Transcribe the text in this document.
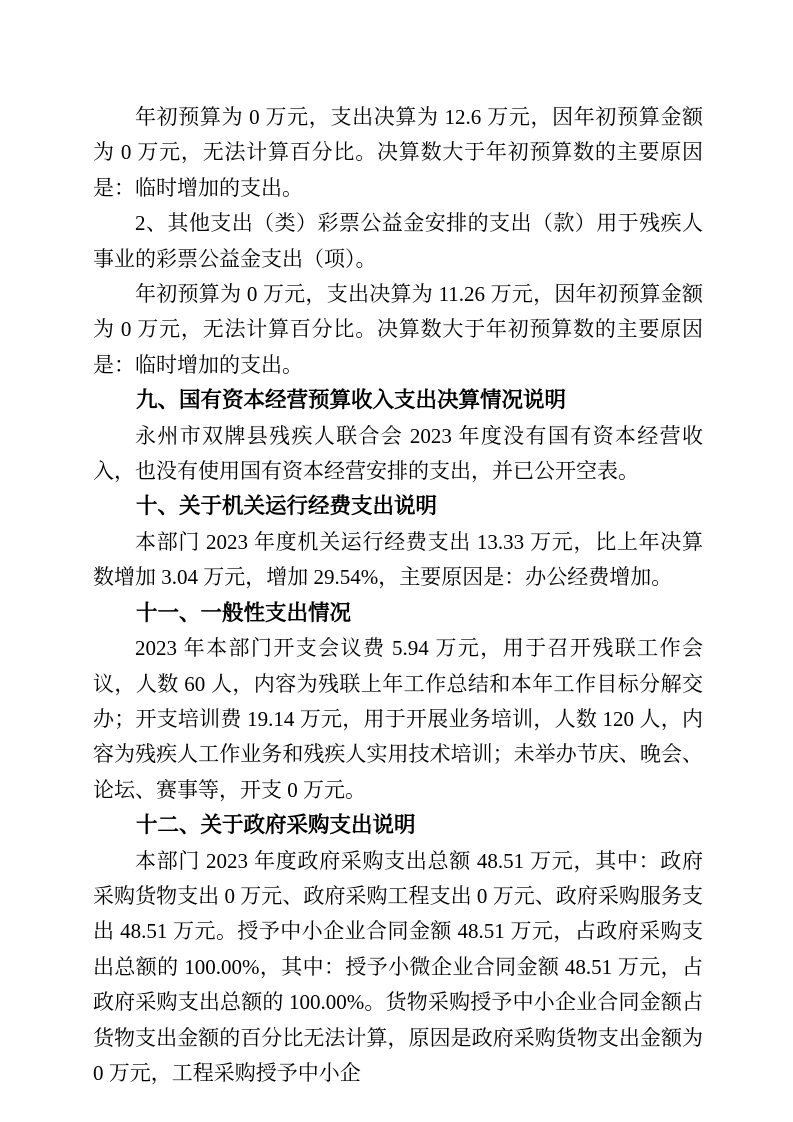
年初预算为 0 万元，支出决算为 12.6 万元，因年初预算金额为 0 万元，无法计算百分比。决算数大于年初预算数的主要原因是：临时增加的支出。

2、其他支出（类）彩票公益金安排的支出（款）用于残疾人事业的彩票公益金支出（项）。

年初预算为 0 万元，支出决算为 11.26 万元，因年初预算金额为 0 万元，无法计算百分比。决算数大于年初预算数的主要原因是：临时增加的支出。

九、国有资本经营预算收入支出决算情况说明

永州市双牌县残疾人联合会 2023 年度没有国有资本经营收入，也没有使用国有资本经营安排的支出，并已公开空表。

十、关于机关运行经费支出说明

本部门 2023 年度机关运行经费支出 13.33 万元，比上年决算数增加 3.04 万元，增加 29.54%，主要原因是：办公经费增加。

十一、一般性支出情况

2023 年本部门开支会议费 5.94 万元，用于召开残联工作会议，人数 60 人，内容为残联上年工作总结和本年工作目标分解交办；开支培训费 19.14 万元，用于开展业务培训，人数 120 人，内容为残疾人工作业务和残疾人实用技术培训；未举办节庆、晚会、论坛、赛事等，开支 0 万元。

十二、关于政府采购支出说明

本部门 2023 年度政府采购支出总额 48.51 万元，其中：政府采购货物支出 0 万元、政府采购工程支出 0 万元、政府采购服务支出 48.51 万元。授予中小企业合同金额 48.51 万元，占政府采购支出总额的 100.00%，其中：授予小微企业合同金额 48.51 万元，占政府采购支出总额的 100.00%。货物采购授予中小企业合同金额占货物支出金额的百分比无法计算，原因是政府采购货物支出金额为 0 万元，工程采购授予中小企
